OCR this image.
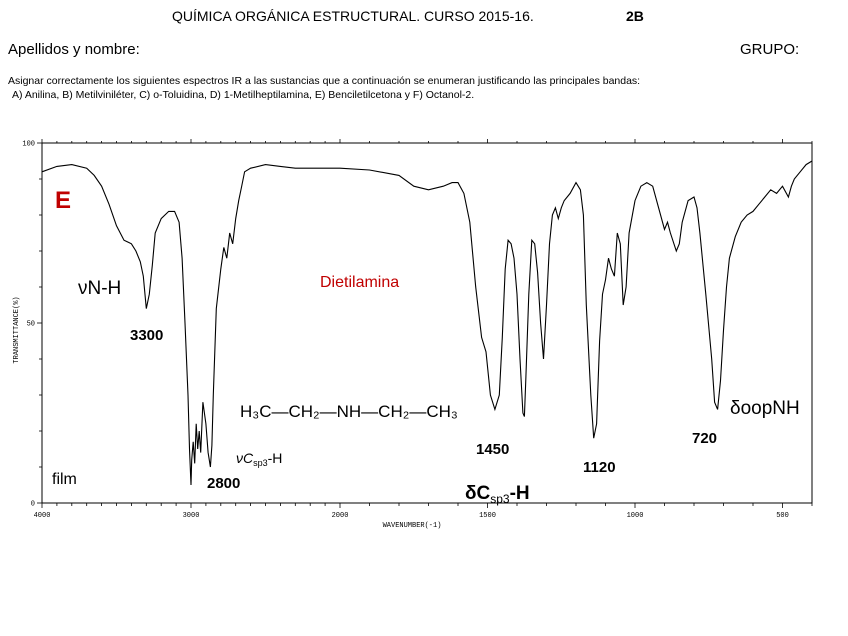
QUÍMICA ORGÁNICA ESTRUCTURAL. CURSO 2015-16.	2B
Apellidos y nombre:	GRUPO:
Asignar correctamente los siguientes espectros IR a las sustancias que a continuación se enumeran justificando las principales bandas:
A) Anilina, B) Metilviniléter, C) o-Toluidina, D) 1-Metilheptilamina, E) Benciletilcetona y F) Octanol-2.
4000	3000	2000	1500	1000	500
0
50
100
TRANSMITTANCE(%)
WAVENUMBER(-1)
E
Dietilamina
νN-H
3300
2800
1450
1120
720
δoopNH
H₃C—CH₂—NH—CH₂—CH₃
film
$\nu C_{sp3}-H$
$\delta C_{sp3}-H$
